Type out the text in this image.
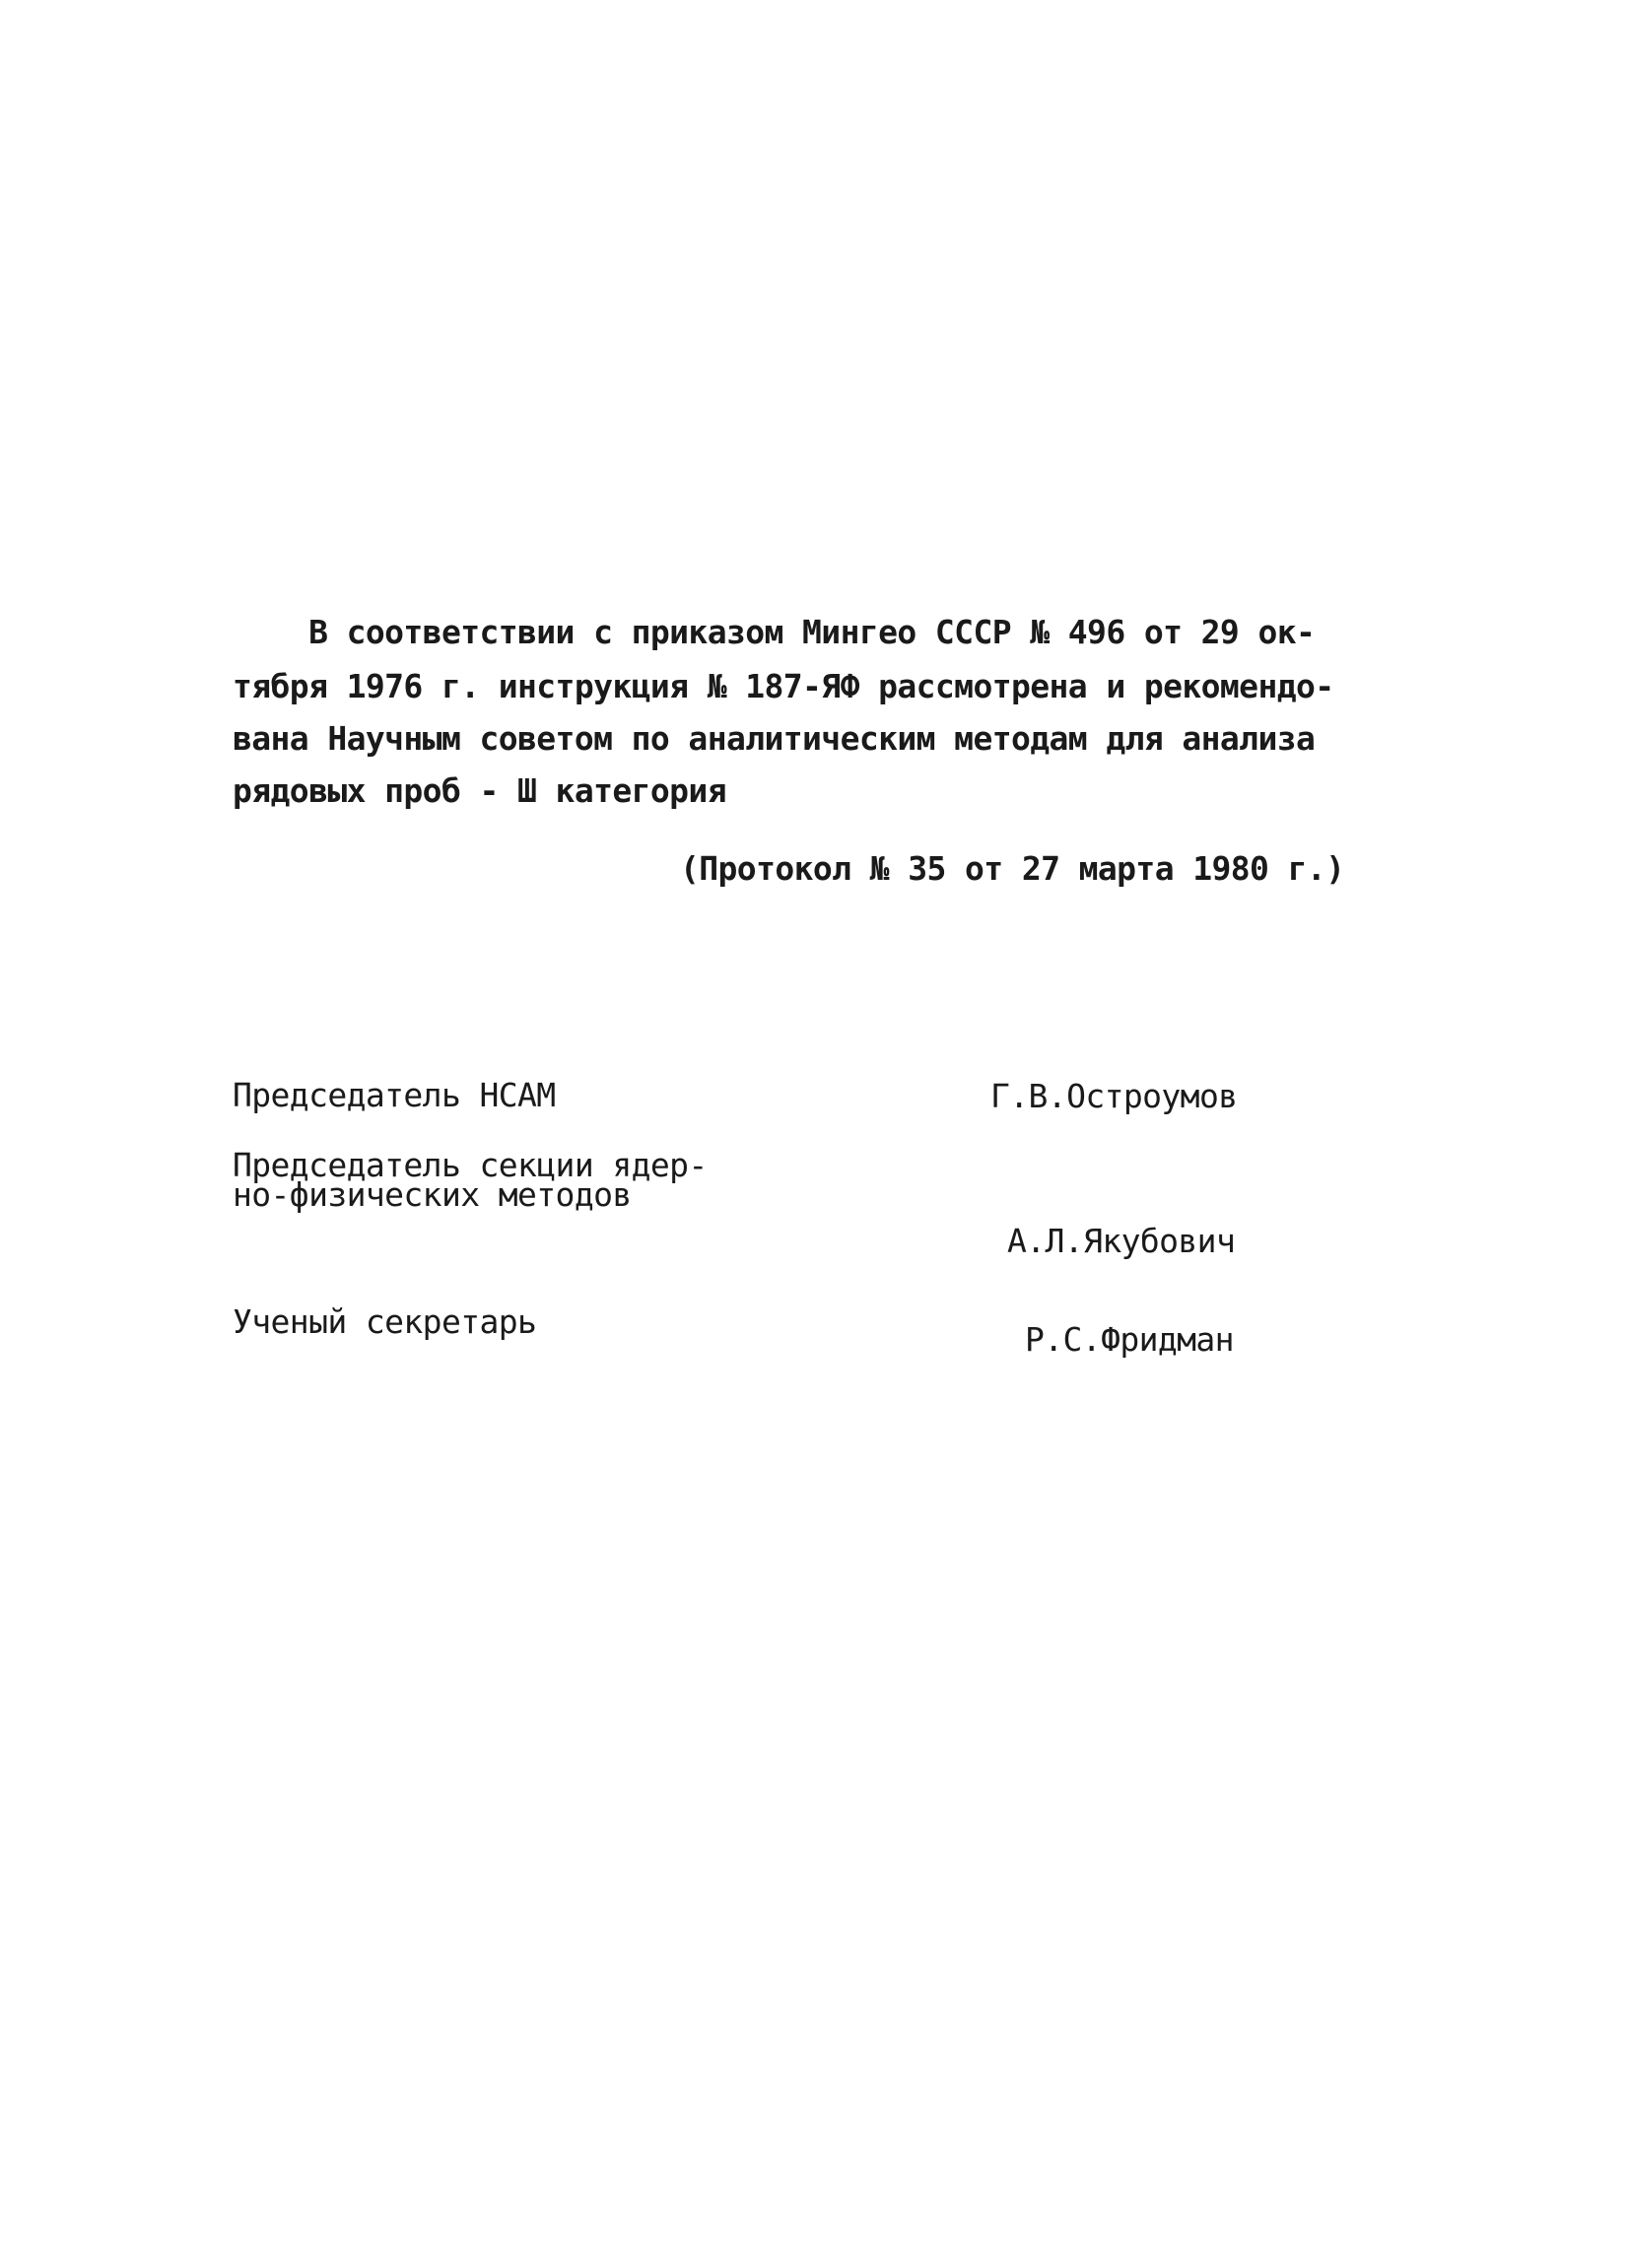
В соответствии с приказом Мингео СССР № 496 от 29 ок-
тября 1976 г. инструкция № 187-ЯФ рассмотрена и рекомендо-
вана Научным советом по аналитическим методам для анализа
рядовых проб - Ш категория
(Протокол № 35 от 27 марта 1980 г.)
Председатель НСАМ	Г.В.Остроумов
Председатель секции ядер-
но-физических методов
А.Л.Якубович
Ученый секретарь	Р.С.Фридман
